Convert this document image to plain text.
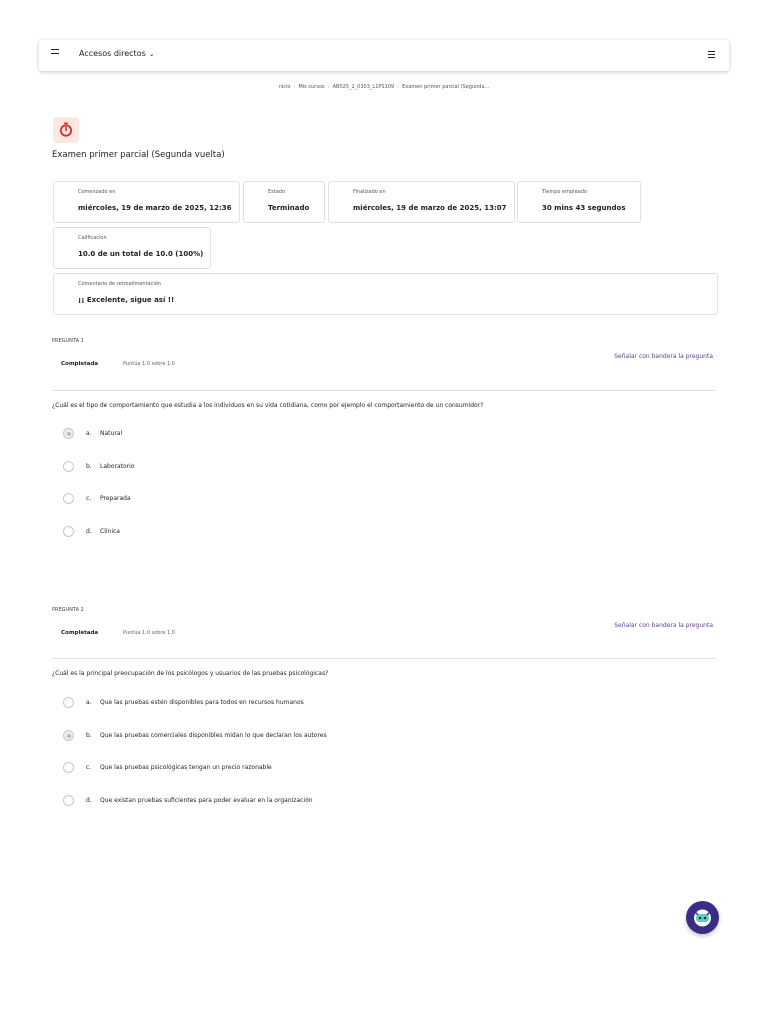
Accesos directos ⌄
nicio › Mis cursos › AB025_2_0303_L1PS109 › Examen primer parcial (Segunda...
Examen primer parcial (Segunda vuelta)
Comenzado en
miércoles, 19 de marzo de 2025, 12:36
Estado
Terminado
Finalizado en
miércoles, 19 de marzo de 2025, 13:07
Tiempo empleado
30 mins 43 segundos
Calificación
10.0 de un total de 10.0 (100%)
Comentario de retroalimentación
¡¡ Excelente, sigue así !!
PREGUNTA 1
Completada	Puntúa 1.0 sobre 1.0
Señalar con bandera la pregunta
¿Cuál es el tipo de comportamiento que estudia a los individuos en su vida cotidiana, como por ejemplo el comportamiento de un consumidor?
a. Natural
b. Laboratorio
c. Preparada
d. Clínica
PREGUNTA 2
Completada	Puntúa 1.0 sobre 1.0
Señalar con bandera la pregunta
¿Cuál es la principal preocupación de los psicólogos y usuarios de las pruebas psicológicas?
a. Que las pruebas estén disponibles para todos en recursos humanos
b. Que las pruebas comerciales disponibles midan lo que declaran los autores
c. Que las pruebas psicológicas tengan un precio razonable
d. Que existan pruebas suficientes para poder evaluar en la organización
